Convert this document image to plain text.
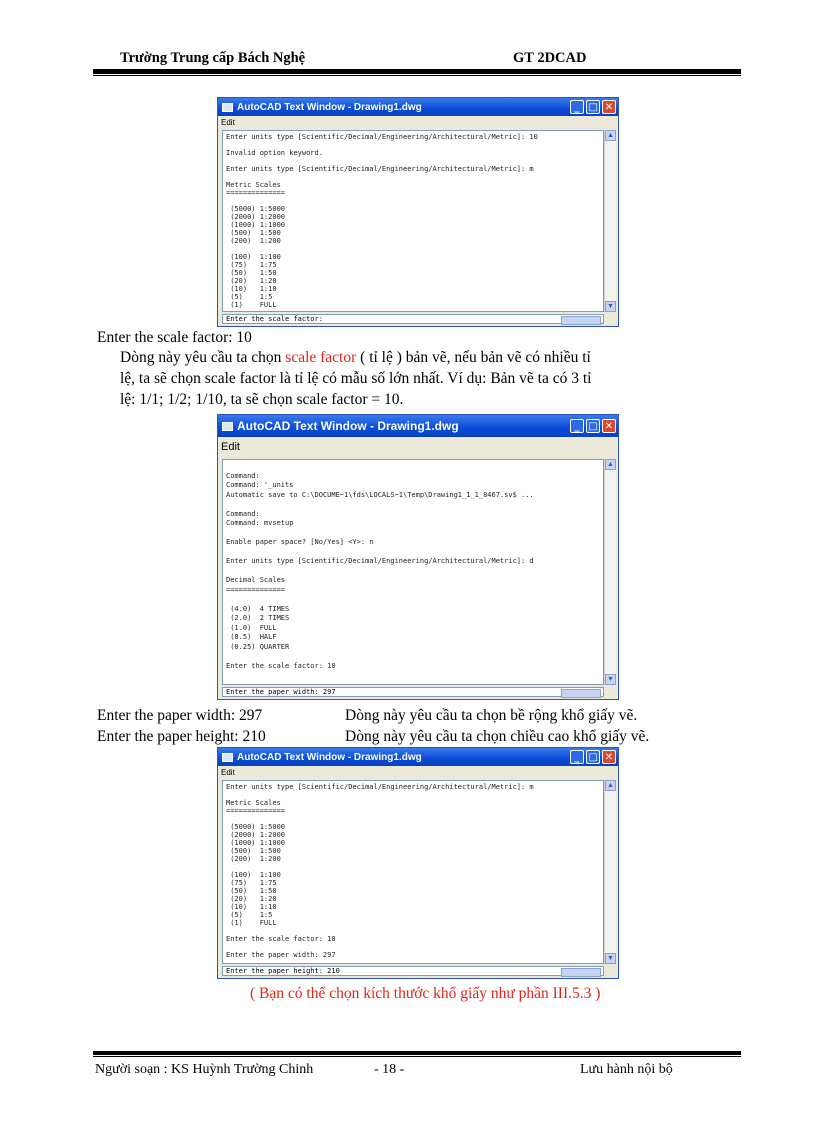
Trường Trung cấp Bách Nghệ	GT 2DCAD
AutoCAD Text Window - Drawing1.dwg	_ □ ✕
Edit
Enter units type [Scientific/Decimal/Engineering/Architectural/Metric]: 10

Invalid option keyword.

Enter units type [Scientific/Decimal/Engineering/Architectural/Metric]: m

Metric Scales
==============

(5000) 1:5000
(2000) 1:2000
(1000) 1:1000
(500)  1:500
(200)  1:200

(100)  1:100
(75)   1:75
(50)   1:50
(20)   1:20
(10)   1:10
(5)    1:5
(1)    FULL
▲
▼
Enter the scale factor:
Enter the scale factor: 10
Dòng này yêu cầu ta chọn scale factor ( tỉ lệ ) bản vẽ, nếu bản vẽ có nhiều tỉ
lệ, ta sẽ chọn scale factor là tỉ lệ có mẫu số lớn nhất. Ví dụ: Bản vẽ ta có 3 tỉ
lệ: 1/1; 1/2; 1/10, ta sẽ chọn scale factor = 10.
AutoCAD Text Window - Drawing1.dwg	_ □ ✕
Edit

Command:
Command: '_units
Automatic save to C:\DOCUME~1\fds\LOCALS~1\Temp\Drawing1_1_1_8467.sv$ ...

Command:
Command: mvsetup

Enable paper space? [No/Yes] <Y>: n

Enter units type [Scientific/Decimal/Engineering/Architectural/Metric]: d

Decimal Scales
==============

(4.0)  4 TIMES
(2.0)  2 TIMES
(1.0)  FULL
(0.5)  HALF
(0.25) QUARTER

Enter the scale factor: 10
▲
▼
Enter the paper width: 297
Enter the paper width: 297	Dòng này yêu cầu ta chọn bề rộng khổ giấy vẽ.
Enter the paper height: 210	Dòng này yêu cầu ta chọn chiều cao khổ giấy vẽ.
AutoCAD Text Window - Drawing1.dwg	_ □ ✕
Edit
Enter units type [Scientific/Decimal/Engineering/Architectural/Metric]: m

Metric Scales
==============

(5000) 1:5000
(2000) 1:2000
(1000) 1:1000
(500)  1:500
(200)  1:200

(100)  1:100
(75)   1:75
(50)   1:50
(20)   1:20
(10)   1:10
(5)    1:5
(1)    FULL

Enter the scale factor: 10

Enter the paper width: 297

▲
▼
Enter the paper height: 210
( Bạn có thể chọn kích thước khổ giấy như phần III.5.3 )
Người soạn : KS Huỳnh Trường Chinh	- 18 -	Lưu hành nội bộ
